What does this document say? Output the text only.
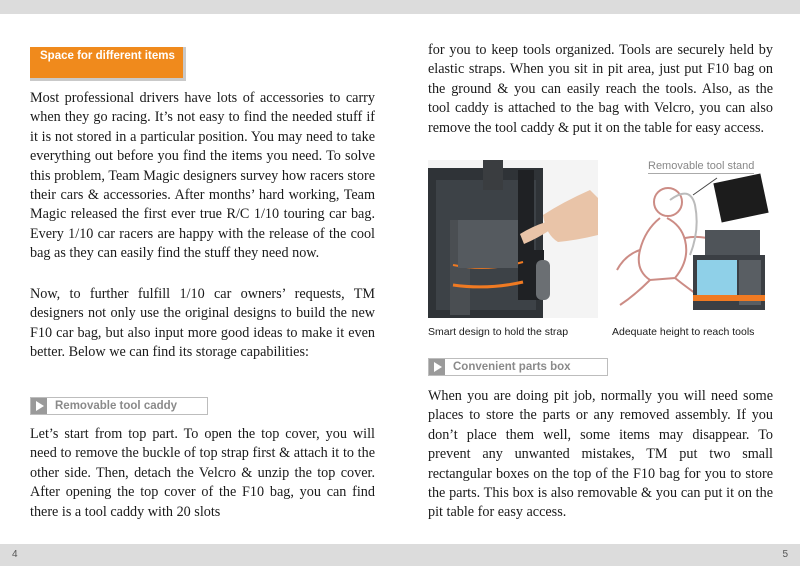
Space for different items

Most professional drivers have lots of accessories to carry when they go racing. It’s not easy to find the needed stuff if it is not stored in a particular position. You may need to take everything out before you find the items you need. To solve this problem, Team Magic designers survey how racers store their cars & accessories. After months’ hard working, Team Magic released the first ever true R/C 1/10 touring car bag. Every 1/10 car racers are happy with the release of the cool bag as they can easily find the stuff they need now.

Now, to further fulfill 1/10 car owners’ requests, TM designers not only use the original designs to build the new F10 car bag, but also input more good ideas to make it even better. Below we can find its storage capabilities:

Removable tool caddy

Let’s start from top part. To open the top cover, you will need to remove the buckle of top strap first & attach it to the other side. Then, detach the Velcro & unzip the top cover. After opening the top cover of the F10 bag, you can find there is a tool caddy with 20 slots

for you to keep tools organized. Tools are securely held by elastic straps. When you sit in pit area, just put F10 bag on the ground & you can easily reach the tools. Also, as the tool caddy is attached to the bag with Velcro, you can also remove the tool caddy & put it on the table for easy access.

Removable tool stand
Smart design to hold the strap	Adequate height to reach tools
Convenient parts box

When you are doing pit job, normally you will need some places to store the parts or any removed assembly. If you don’t place them well, some items may disappear. To prevent any unwanted mistakes, TM put two small rectangular boxes on the top of the F10 bag for you to store the parts. This box is also removable & you can put it on the pit table for easy access.

4	5
